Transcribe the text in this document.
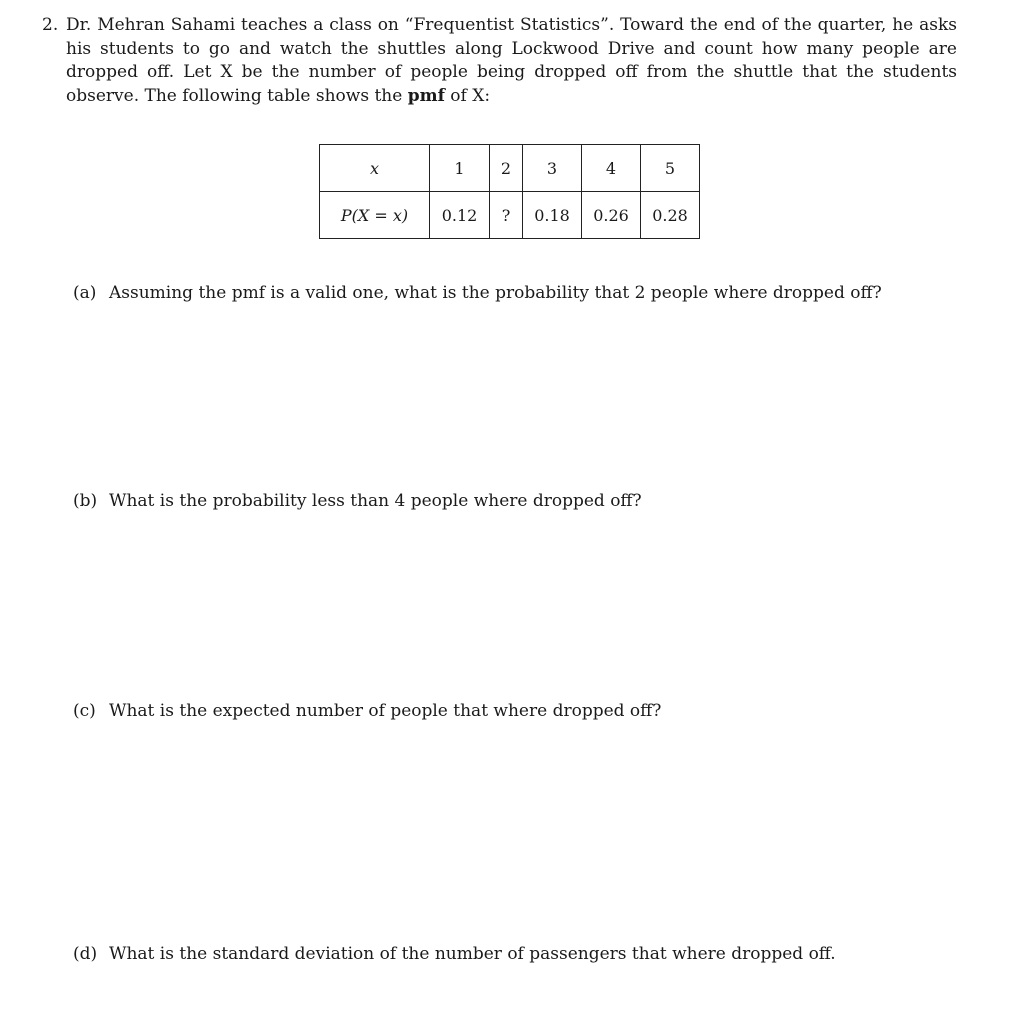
2. Dr. Mehran Sahami teaches a class on “Frequentist Statistics”. Toward the end of the quarter, he asks his students to go and watch the shuttles along Lockwood Drive and count how many people are dropped off. Let X be the number of people being dropped off from the shuttle that the students observe. The following table shows the pmf of X:
x	1	2	3	4	5
P(X = x)	0.12	?	0.18	0.26	0.28
(a) Assuming the pmf is a valid one, what is the probability that 2 people where dropped off?
(b) What is the probability less than 4 people where dropped off?
(c) What is the expected number of people that where dropped off?
(d) What is the standard deviation of the number of passengers that where dropped off.
